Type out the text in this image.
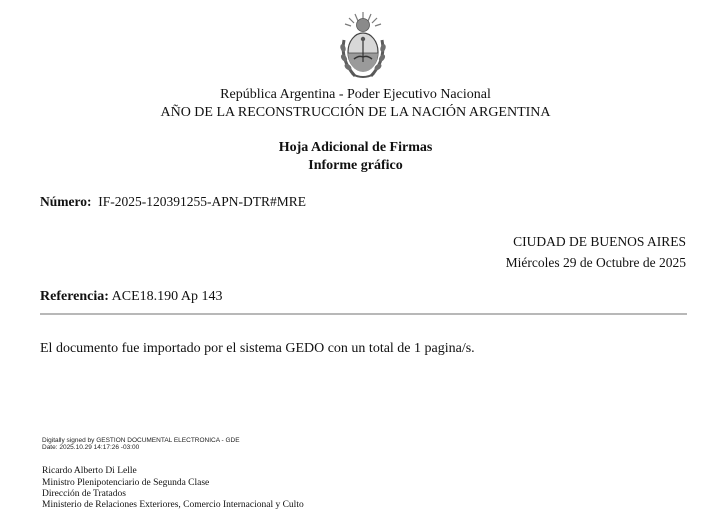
República Argentina - Poder Ejecutivo Nacional
AÑO DE LA RECONSTRUCCIÓN DE LA NACIÓN ARGENTINA
Hoja Adicional de Firmas
Informe gráfico
Número: IF-2025-120391255-APN-DTR#MRE
CIUDAD DE BUENOS AIRES
Miércoles 29 de Octubre de 2025
Referencia: ACE18.190 Ap 143
El documento fue importado por el sistema GEDO con un total de 1 pagina/s.
Digitally signed by GESTION DOCUMENTAL ELECTRONICA - GDE
Date: 2025.10.29 14:17:26 -03:00
Ricardo Alberto Di Lelle
Ministro Plenipotenciario de Segunda Clase
Dirección de Tratados
Ministerio de Relaciones Exteriores, Comercio Internacional y Culto
